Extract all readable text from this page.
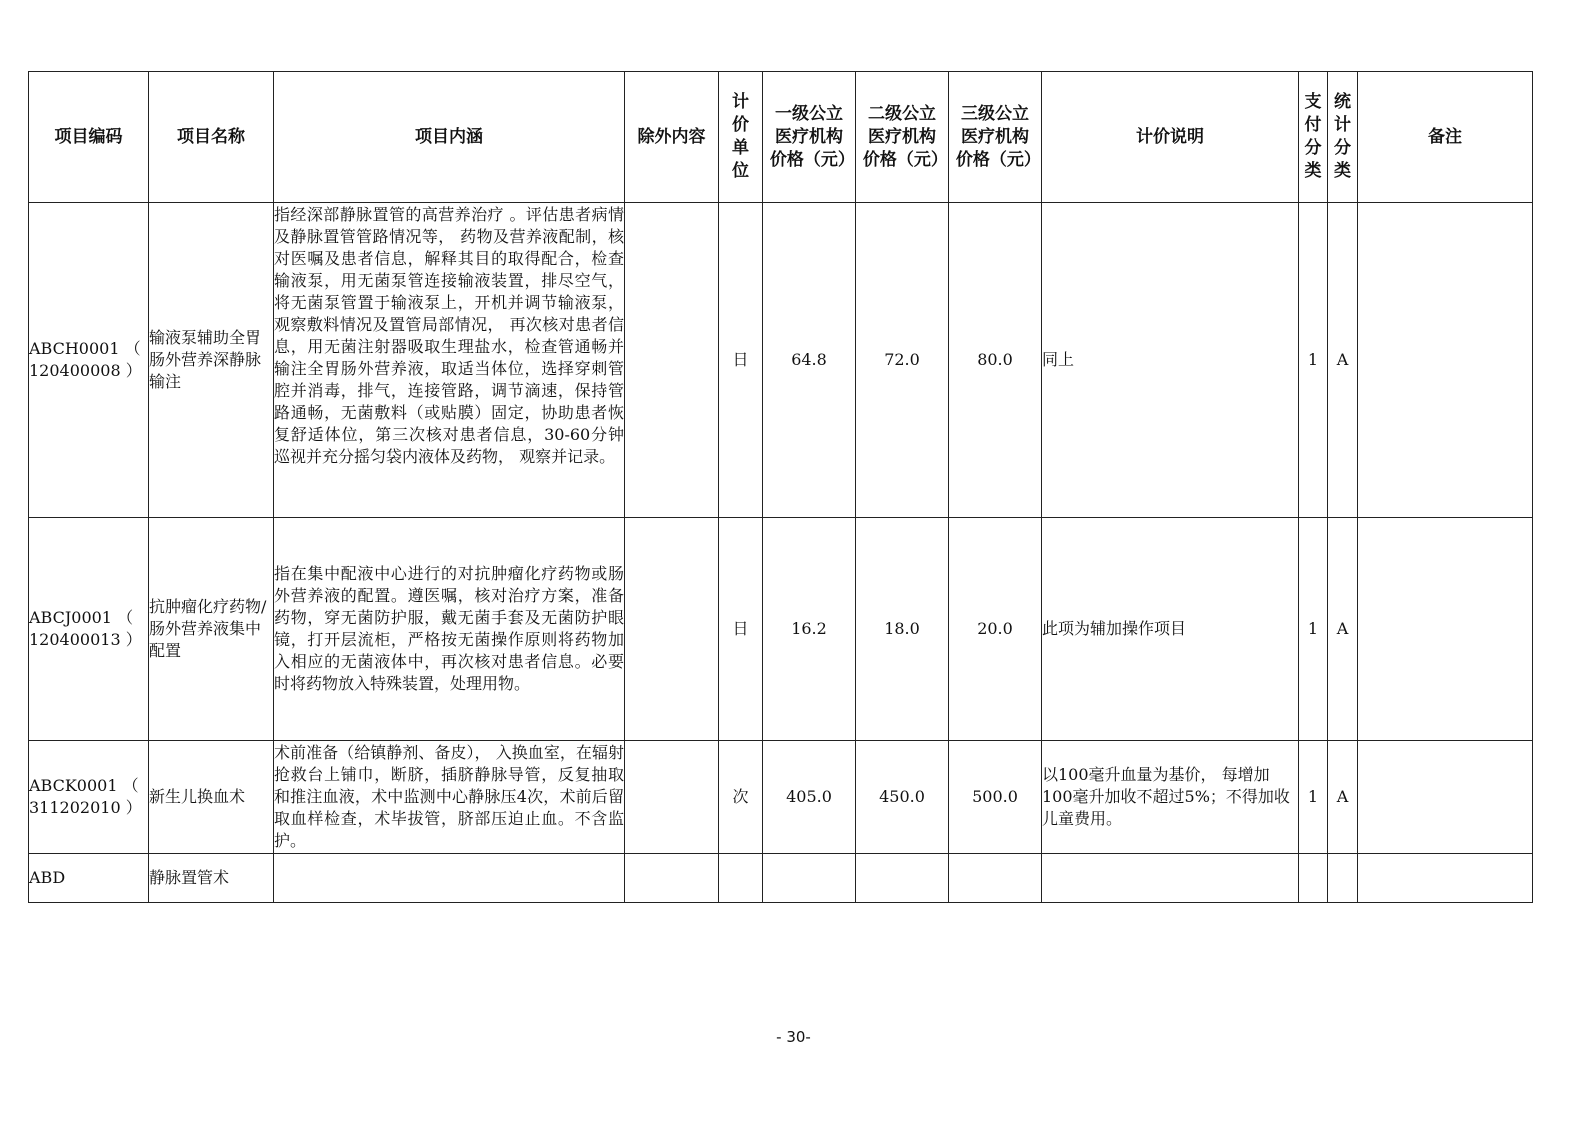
项目编码	项目名称	项目内涵	除外内容	计价单位	一级公立医疗机构价格（元）	二级公立医疗机构价格（元）	三级公立医疗机构价格（元）	计价说明	支付分类	统计分类	备注
ABCH0001 （ 120400008 ）	输液泵辅助全胃肠外营养深静脉输注	指经深部静脉置管的高营养治疗 。评估患者病情及静脉置管管路情况等， 药物及营养液配制，核对医嘱及患者信息，解释其目的取得配合，检查输液泵，用无菌泵管连接输液装置，排尽空气，将无菌泵管置于输液泵上，开机并调节输液泵，观察敷料情况及置管局部情况， 再次核对患者信息，用无菌注射器吸取生理盐水，检查管通畅并输注全胃肠外营养液，取适当体位，选择穿刺管腔并消毒，排气，连接管路，调节滴速，保持管路通畅，无菌敷料（或贴膜）固定，协助患者恢复舒适体位，第三次核对患者信息，30-60分钟巡视并充分摇匀袋内液体及药物， 观察并记录。		日	64.8	72.0	80.0	同上	1	A	
ABCJ0001 （ 120400013 ）	抗肿瘤化疗药物/肠外营养液集中配置	指在集中配液中心进行的对抗肿瘤化疗药物或肠外营养液的配置。遵医嘱，核对治疗方案，准备药物，穿无菌防护服，戴无菌手套及无菌防护眼镜，打开层流柜，严格按无菌操作原则将药物加入相应的无菌液体中，再次核对患者信息。必要时将药物放入特殊装置，处理用物。		日	16.2	18.0	20.0	此项为辅加操作项目	1	A	
ABCK0001 （ 311202010 ）	新生儿换血术	术前准备（给镇静剂、备皮）， 入换血室，在辐射抢救台上铺巾，断脐，插脐静脉导管，反复抽取和推注血液，术中监测中心静脉压4次，术前后留取血样检查，术毕拔管，脐部压迫止血。不含监护。		次	405.0	450.0	500.0	以100毫升血量为基价， 每增加100毫升加收不超过5%；不得加收儿童费用。	1	A	
ABD	静脉置管术										
- 30-
